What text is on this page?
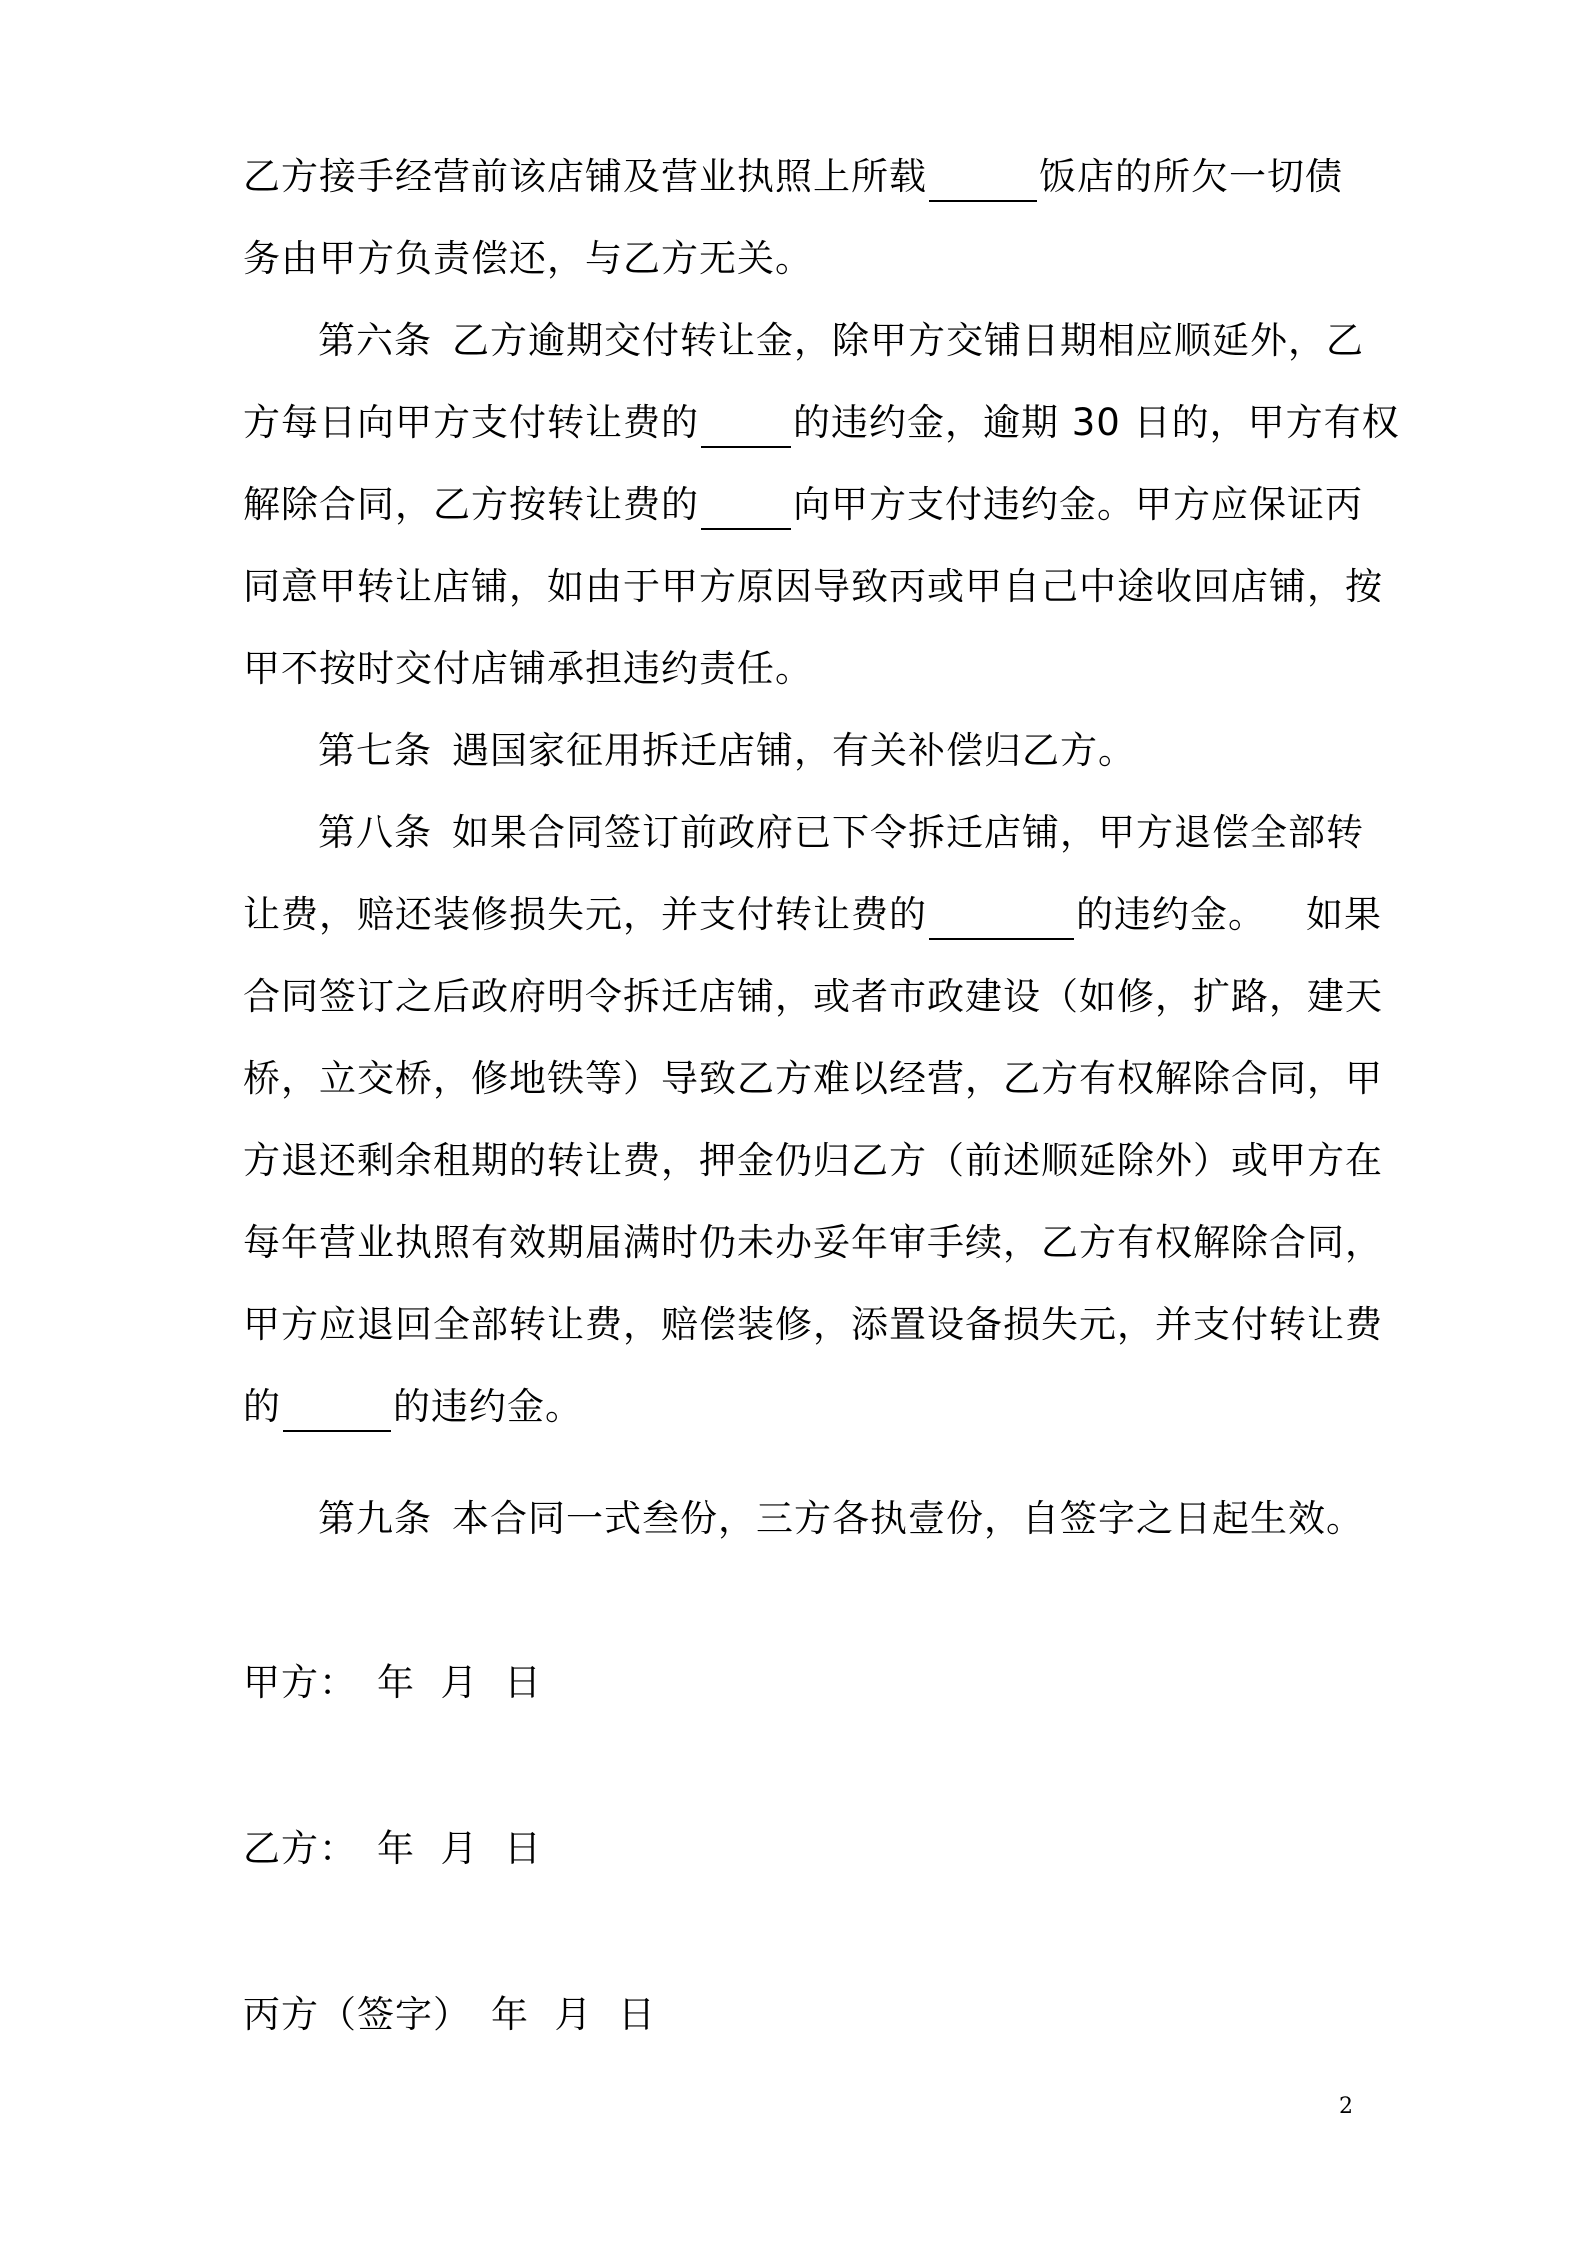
乙方接手经营前该店铺及营业执照上所载	饭店的所欠一切债
务由甲方负责偿还，与乙方无关。
第六条 乙方逾期交付转让金，除甲方交铺日期相应顺延外，乙
方每日向甲方支付转让费的	的违约金，逾期 30 日的，甲方有权
解除合同，乙方按转让费的	向甲方支付违约金。甲方应保证丙
同意甲转让店铺，如由于甲方原因导致丙或甲自己中途收回店铺，按
甲不按时交付店铺承担违约责任。
第七条 遇国家征用拆迁店铺，有关补偿归乙方。
第八条 如果合同签订前政府已下令拆迁店铺，甲方退偿全部转
让费，赔还装修损失元，并支付转让费的	的违约金。 如果
合同签订之后政府明令拆迁店铺，或者市政建设（如修，扩路，建天
桥，立交桥，修地铁等）导致乙方难以经营，乙方有权解除合同，甲
方退还剩余租期的转让费，押金仍归乙方（前述顺延除外）或甲方在
每年营业执照有效期届满时仍未办妥年审手续，乙方有权解除合同，
甲方应退回全部转让费，赔偿装修，添置设备损失元，并支付转让费
的	的违约金。
第九条 本合同一式叁份，三方各执壹份，自签字之日起生效。
甲方： 年  月  日
乙方： 年  月  日
丙方（签字） 年  月  日
2
